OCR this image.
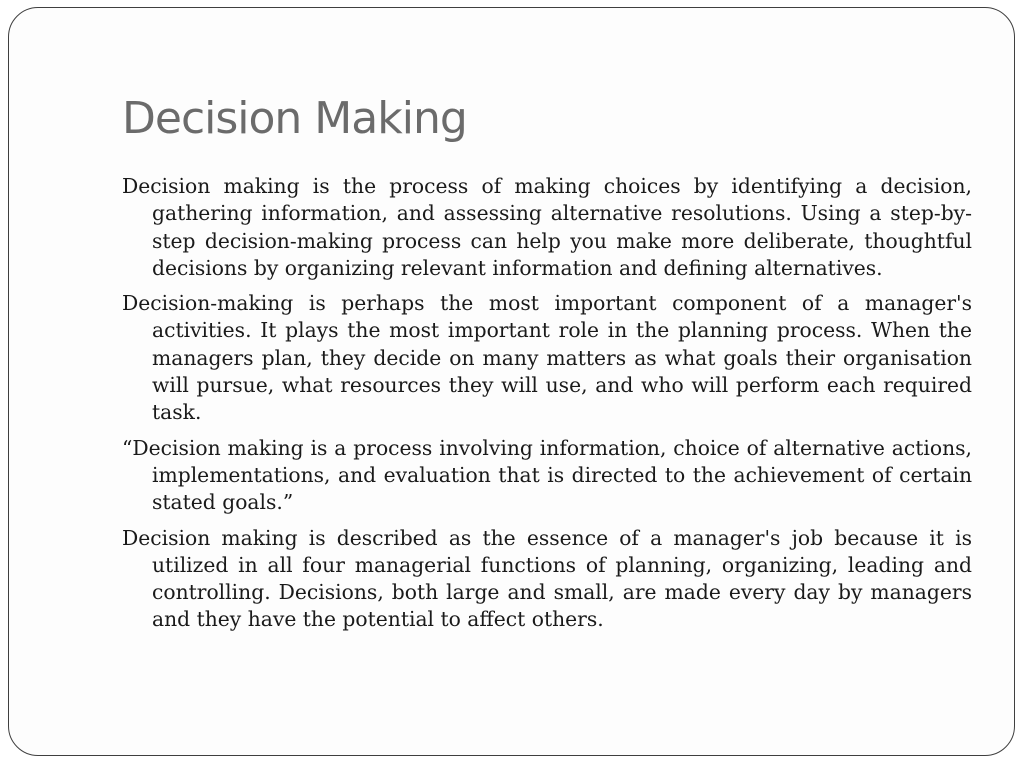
Decision Making

Decision making is the process of making choices by identifying a decision, gathering information, and assessing alternative resolutions. Using a step-by-step decision-making process can help you make more deliberate, thoughtful decisions by organizing relevant information and defining alternatives.

Decision-making is perhaps the most important component of a manager's activities. It plays the most important role in the planning process. When the managers plan, they decide on many matters as what goals their organisation will pursue, what resources they will use, and who will perform each required task.

“Decision making is a process involving information, choice of alternative actions, implementations, and evaluation that is directed to the achievement of certain stated goals.”

Decision making is described as the essence of a manager's job because it is utilized in all four managerial functions of planning, organizing, leading and controlling. Decisions, both large and small, are made every day by managers and they have the potential to affect others.
